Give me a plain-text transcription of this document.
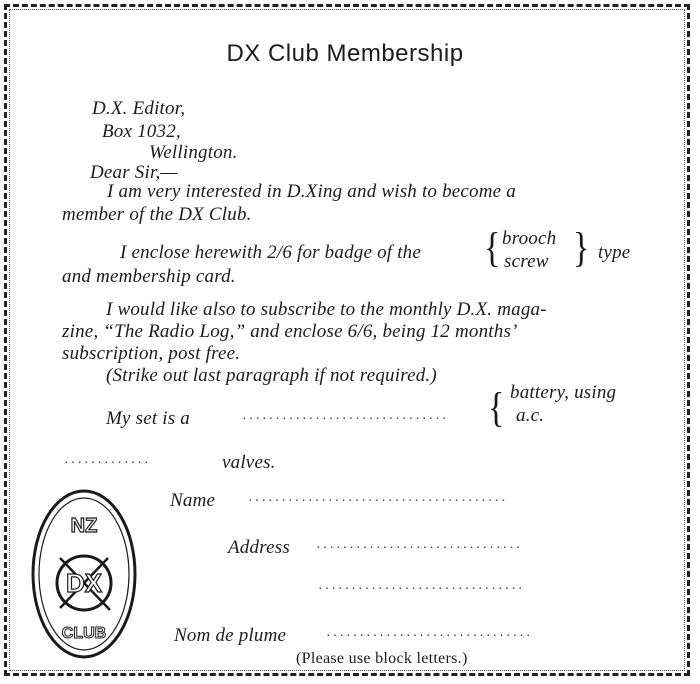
DX Club Membership
D.X. Editor,
Box 1032,
Wellington.
Dear Sir,—
I am very interested in D.Xing and wish to become a
member of the DX Club.
I enclose herewith 2/6 for badge of the { brooch
screw } type
and membership card.
I would like also to subscribe to the monthly D.X. maga-
zine, “The Radio Log,” and enclose 6/6, being 12 months’
subscription, post free.
(Strike out last paragraph if not required.)
My set is a	······························· { battery, using
a.c.
·············	valves.
Name ·······································
Address ·······························
·······························
Nom de plume	·······························
(Please use block letters.)
NZ
DX
CLUB
